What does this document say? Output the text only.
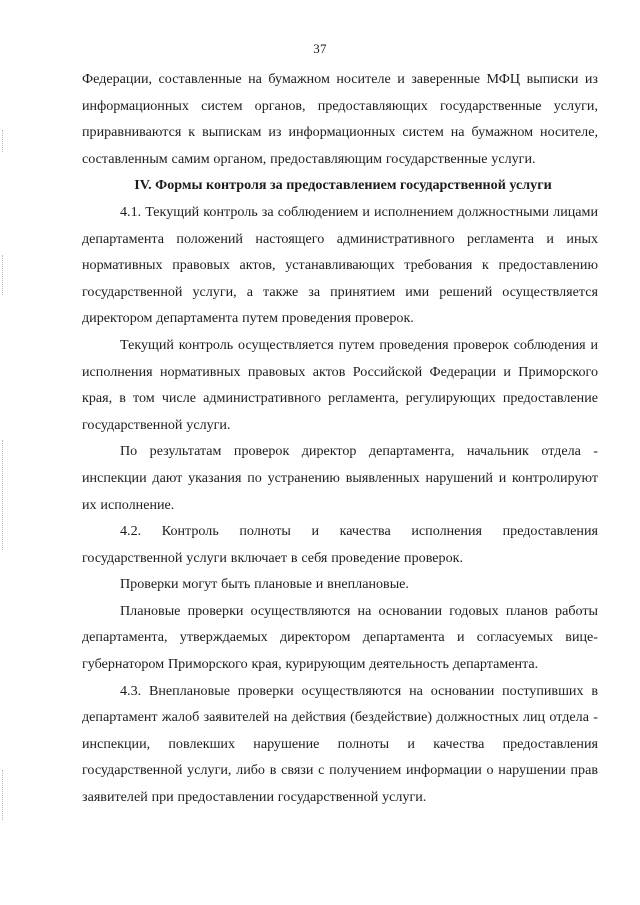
37

Федерации, составленные на бумажном носителе и заверенные МФЦ выписки из информационных систем органов, предоставляющих государственные услуги, приравниваются к выпискам из информационных систем на бумажном носителе, составленным самим органом, предоставляющим государственные услуги.

IV. Формы контроля за предоставлением государственной услуги

4.1. Текущий контроль за соблюдением и исполнением должностными лицами департамента положений настоящего административного регламента и иных нормативных правовых актов, устанавливающих требования к предоставлению государственной услуги, а также за принятием ими решений осуществляется директором департамента путем проведения проверок.

Текущий контроль осуществляется путем проведения проверок соблюдения и исполнения нормативных правовых актов Российской Федерации и Приморского края, в том числе административного регламента, регулирующих предоставление государственной услуги.

По результатам проверок директор департамента, начальник отдела - инспекции дают указания по устранению выявленных нарушений и контролируют их исполнение.

4.2. Контроль полноты и качества исполнения предоставления государственной услуги включает в себя проведение проверок.

Проверки могут быть плановые и внеплановые.

Плановые проверки осуществляются на основании годовых планов работы департамента, утверждаемых директором департамента и согласуемых вице-губернатором Приморского края, курирующим деятельность департамента.

4.3. Внеплановые проверки осуществляются на основании поступивших в департамент жалоб заявителей на действия (бездействие) должностных лиц отдела - инспекции, повлекших нарушение полноты и качества предоставления государственной услуги, либо в связи с получением информации о нарушении прав заявителей при предоставлении государственной услуги.
